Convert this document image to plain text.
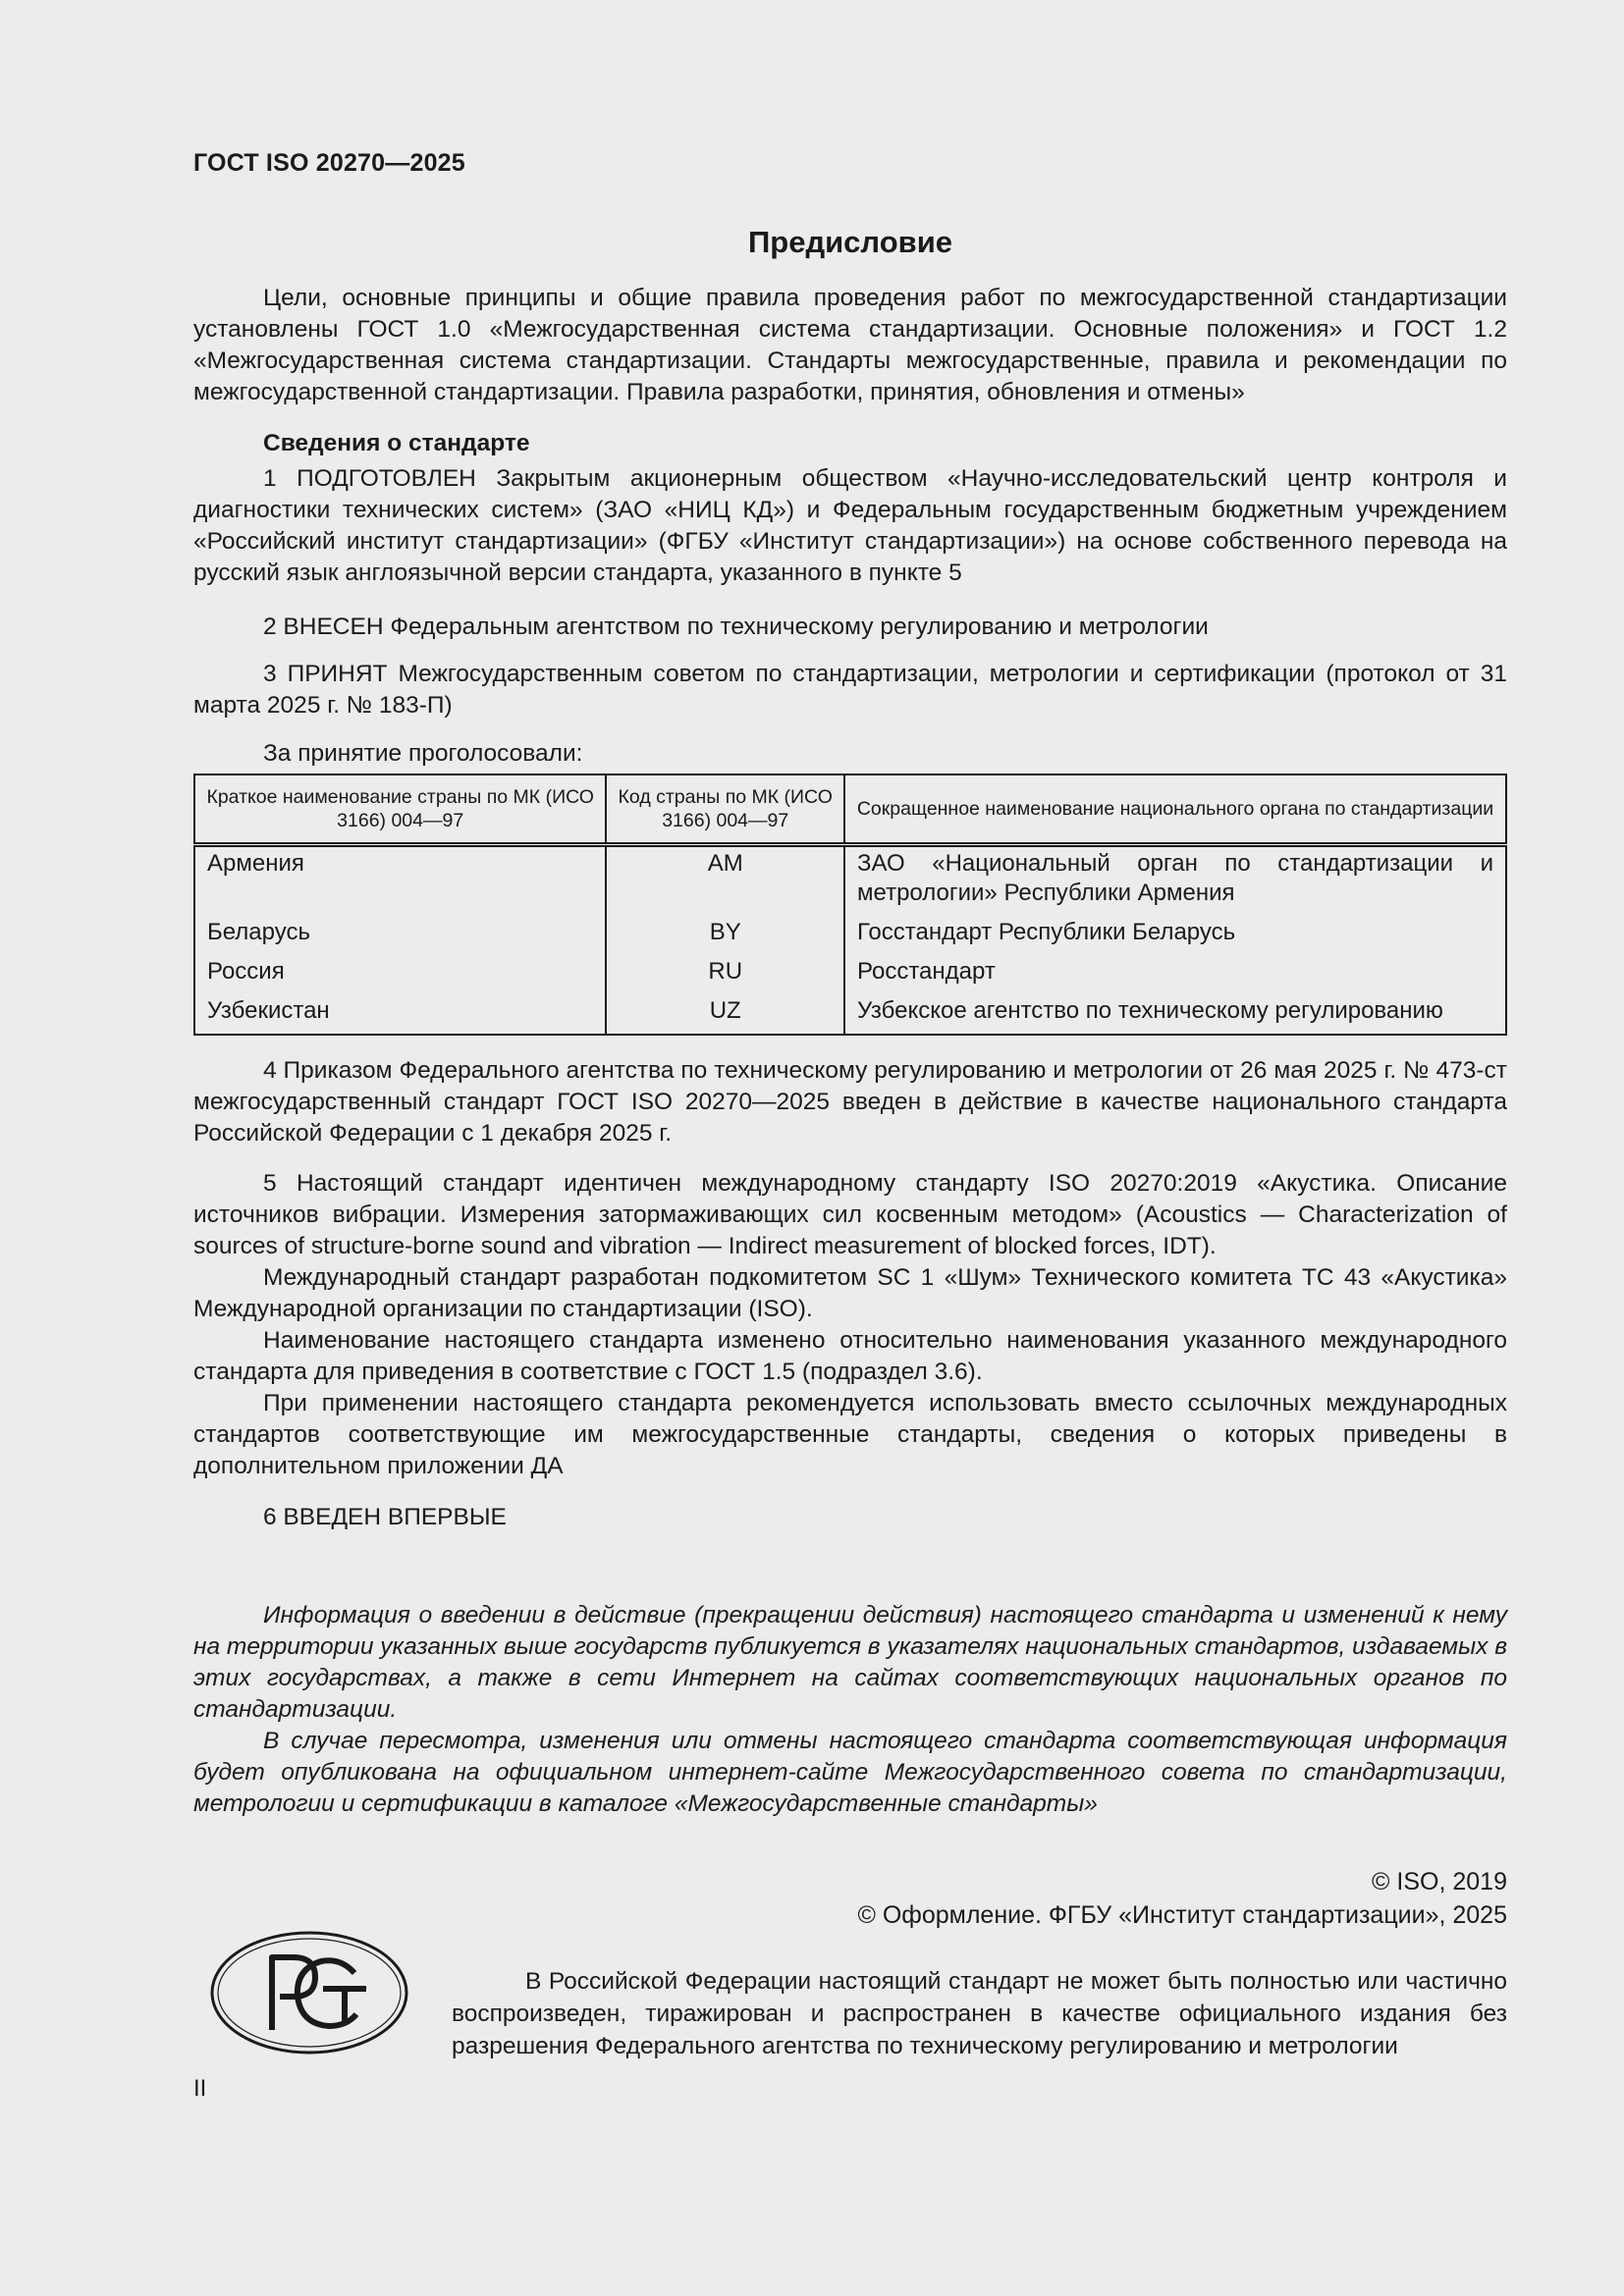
ГОСТ ISO 20270—2025
Предисловие

Цели, основные принципы и общие правила проведения работ по межгосударственной стандартизации установлены ГОСТ 1.0 «Межгосударственная система стандартизации. Основные положения» и ГОСТ 1.2 «Межгосударственная система стандартизации. Стандарты межгосударственные, правила и рекомендации по межгосударственной стандартизации. Правила разработки, принятия, обновления и отмены»

Сведения о стандарте

1 ПОДГОТОВЛЕН Закрытым акционерным обществом «Научно-исследовательский центр контроля и диагностики технических систем» (ЗАО «НИЦ КД») и Федеральным государственным бюджетным учреждением «Российский институт стандартизации» (ФГБУ «Институт стандартизации») на основе собственного перевода на русский язык англоязычной версии стандарта, указанного в пункте 5

2 ВНЕСЕН Федеральным агентством по техническому регулированию и метрологии

3 ПРИНЯТ Межгосударственным советом по стандартизации, метрологии и сертификации (протокол от 31 марта 2025 г. № 183-П)

За принятие проголосовали:

Краткое наименование страны по МК (ИСО 3166) 004—97	Код страны по МК (ИСО 3166) 004—97	Сокращенное наименование национального органа по стандартизации
Армения	AM	ЗАО «Национальный орган по стандартизации и метрологии» Республики Армения
Беларусь	BY	Госстандарт Республики Беларусь
Россия	RU	Росстандарт
Узбекистан	UZ	Узбекское агентство по техническому регулированию

4 Приказом Федерального агентства по техническому регулированию и метрологии от 26 мая 2025 г. № 473-ст межгосударственный стандарт ГОСТ ISO 20270—2025 введен в действие в качестве национального стандарта Российской Федерации с 1 декабря 2025 г.

5 Настоящий стандарт идентичен международному стандарту ISO 20270:2019 «Акустика. Описание источников вибрации. Измерения затормаживающих сил косвенным методом» (Acoustics — Characterization of sources of structure-borne sound and vibration — Indirect measurement of blocked forces, IDT).

Международный стандарт разработан подкомитетом SC 1 «Шум» Технического комитета TC 43 «Акустика» Международной организации по стандартизации (ISO).

Наименование настоящего стандарта изменено относительно наименования указанного международного стандарта для приведения в соответствие с ГОСТ 1.5 (подраздел 3.6).

При применении настоящего стандарта рекомендуется использовать вместо ссылочных международных стандартов соответствующие им межгосударственные стандарты, сведения о которых приведены в дополнительном приложении ДА

6 ВВЕДЕН ВПЕРВЫЕ

Информация о введении в действие (прекращении действия) настоящего стандарта и изменений к нему на территории указанных выше государств публикуется в указателях национальных стандартов, издаваемых в этих государствах, а также в сети Интернет на сайтах соответствующих национальных органов по стандартизации.

В случае пересмотра, изменения или отмены настоящего стандарта соответствующая информация будет опубликована на официальном интернет-сайте Межгосударственного совета по стандартизации, метрологии и сертификации в каталоге «Межгосударственные стандарты»

© ISO, 2019
© Оформление. ФГБУ «Институт стандартизации», 2025

В Российской Федерации настоящий стандарт не может быть полностью или частично воспроизведен, тиражирован и распространен в качестве официального издания без разрешения Федерального агентства по техническому регулированию и метрологии

II
